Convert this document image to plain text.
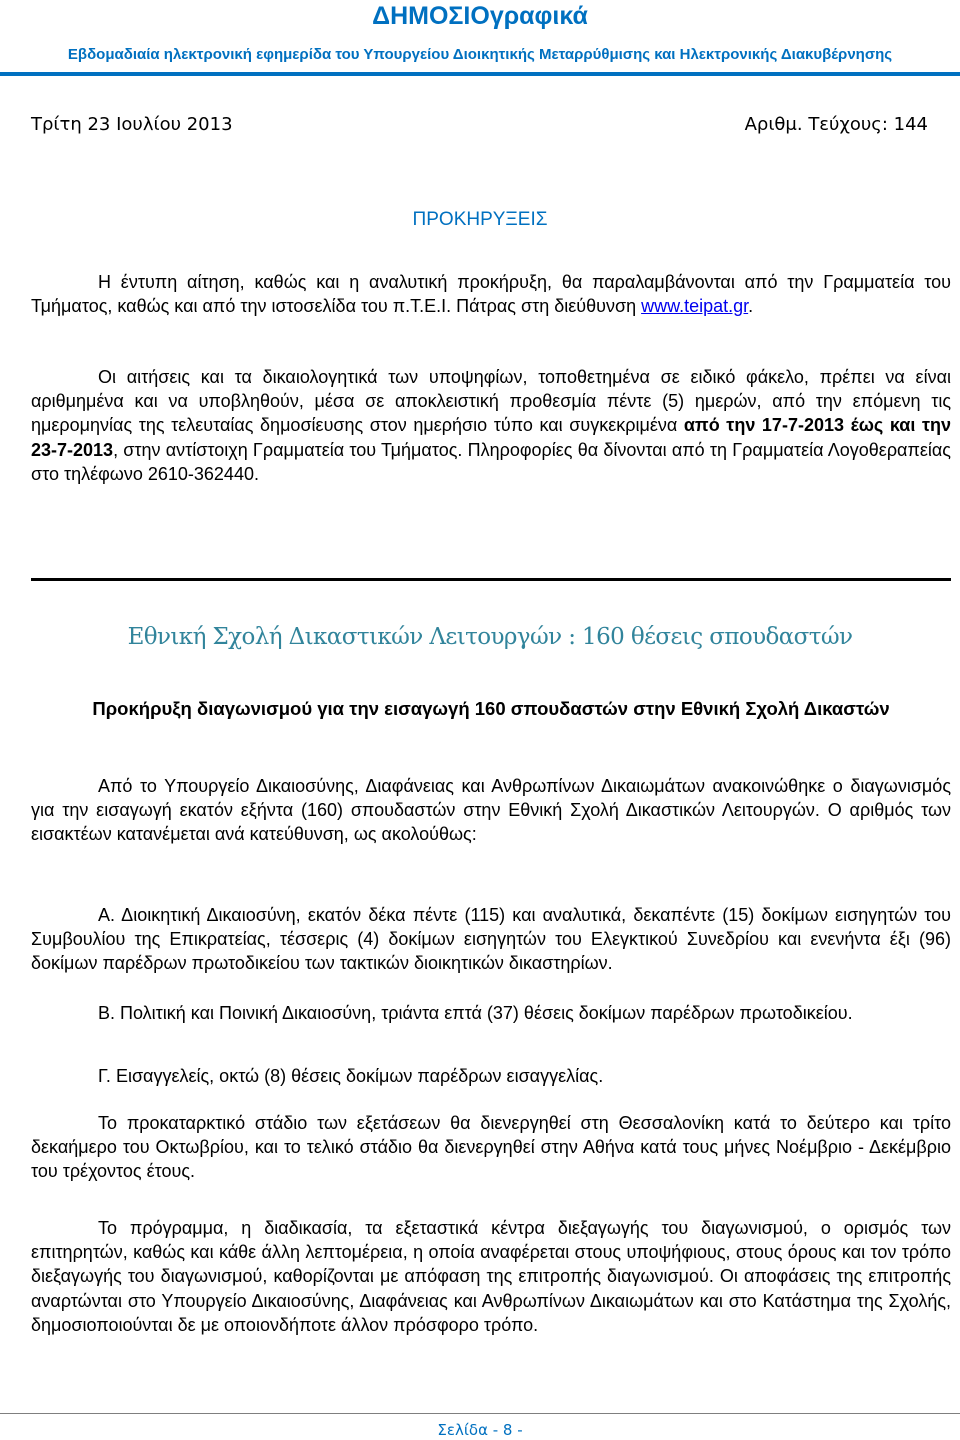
ΔΗΜΟΣΙΟγραφικά
Εβδομαδιαία ηλεκτρονική εφημερίδα του Υπουργείου Διοικητικής Μεταρρύθμισης και Ηλεκτρονικής Διακυβέρνησης
Τρίτη 23 Ιουλίου 2013	Αριθμ. Τεύχους: 144
ΠΡΟΚΗΡΥΞΕΙΣ
Η έντυπη αίτηση, καθώς και η αναλυτική προκήρυξη, θα παραλαμβάνονται από την Γραμματεία του Τμήματος, καθώς και από την ιστοσελίδα του π.Τ.Ε.Ι. Πάτρας στη διεύθυνση www.teipat.gr.
Οι αιτήσεις και τα δικαιολογητικά των υποψηφίων, τοποθετημένα σε ειδικό φάκελο, πρέπει να είναι αριθμημένα και να υποβληθούν, μέσα σε αποκλειστική προθεσμία πέντε (5) ημερών, από την επόμενη τις ημερομηνίας της τελευταίας δημοσίευσης στον ημερήσιο τύπο και συγκεκριμένα από την 17-7-2013 έως και την 23-7-2013, στην αντίστοιχη Γραμματεία του Τμήματος. Πληροφορίες θα δίνονται από τη Γραμματεία Λογοθεραπείας στο τηλέφωνο 2610-362440.
Εθνική Σχολή Δικαστικών Λειτουργών : 160 θέσεις σπουδαστών
Προκήρυξη διαγωνισμού για την εισαγωγή 160 σπουδαστών στην Εθνική Σχολή Δικαστών
Από το Υπουργείο Δικαιοσύνης, Διαφάνειας και Ανθρωπίνων Δικαιωμάτων ανακοινώθηκε ο διαγωνισμός για την εισαγωγή εκατόν εξήντα (160) σπουδαστών στην Εθνική Σχολή Δικαστικών Λειτουργών. Ο αριθμός των εισακτέων κατανέμεται ανά κατεύθυνση, ως ακολούθως:
Α. Διοικητική Δικαιοσύνη, εκατόν δέκα πέντε (115) και αναλυτικά, δεκαπέντε (15) δοκίμων εισηγητών του Συμβουλίου της Επικρατείας, τέσσερις (4) δοκίμων εισηγητών του Ελεγκτικού Συνεδρίου και ενενήντα έξι (96) δοκίμων παρέδρων πρωτοδικείου των τακτικών διοικητικών δικαστηρίων.
Β. Πολιτική και Ποινική Δικαιοσύνη, τριάντα επτά (37) θέσεις δοκίμων παρέδρων πρωτοδικείου.
Γ. Εισαγγελείς, οκτώ (8) θέσεις δοκίμων παρέδρων εισαγγελίας.
Το προκαταρκτικό στάδιο των εξετάσεων θα διενεργηθεί στη Θεσσαλονίκη κατά το δεύτερο και τρίτο δεκαήμερο του Οκτωβρίου, και το τελικό στάδιο θα διενεργηθεί στην Αθήνα κατά τους μήνες Νοέμβριο - Δεκέμβριο του τρέχοντος έτους.
Το πρόγραμμα, η διαδικασία, τα εξεταστικά κέντρα διεξαγωγής του διαγωνισμού, ο ορισμός των επιτηρητών, καθώς και κάθε άλλη λεπτομέρεια, η οποία αναφέρεται στους υποψήφιους, στους όρους και τον τρόπο διεξαγωγής του διαγωνισμού, καθορίζονται με απόφαση της επιτροπής διαγωνισμού. Οι αποφάσεις της επιτροπής αναρτώνται στο Υπουργείο Δικαιοσύνης, Διαφάνειας και Ανθρωπίνων Δικαιωμάτων και στο Κατάστημα της Σχολής, δημοσιοποιούνται δε με οποιονδήποτε άλλον πρόσφορο τρόπο.
Σελίδα - 8 -
